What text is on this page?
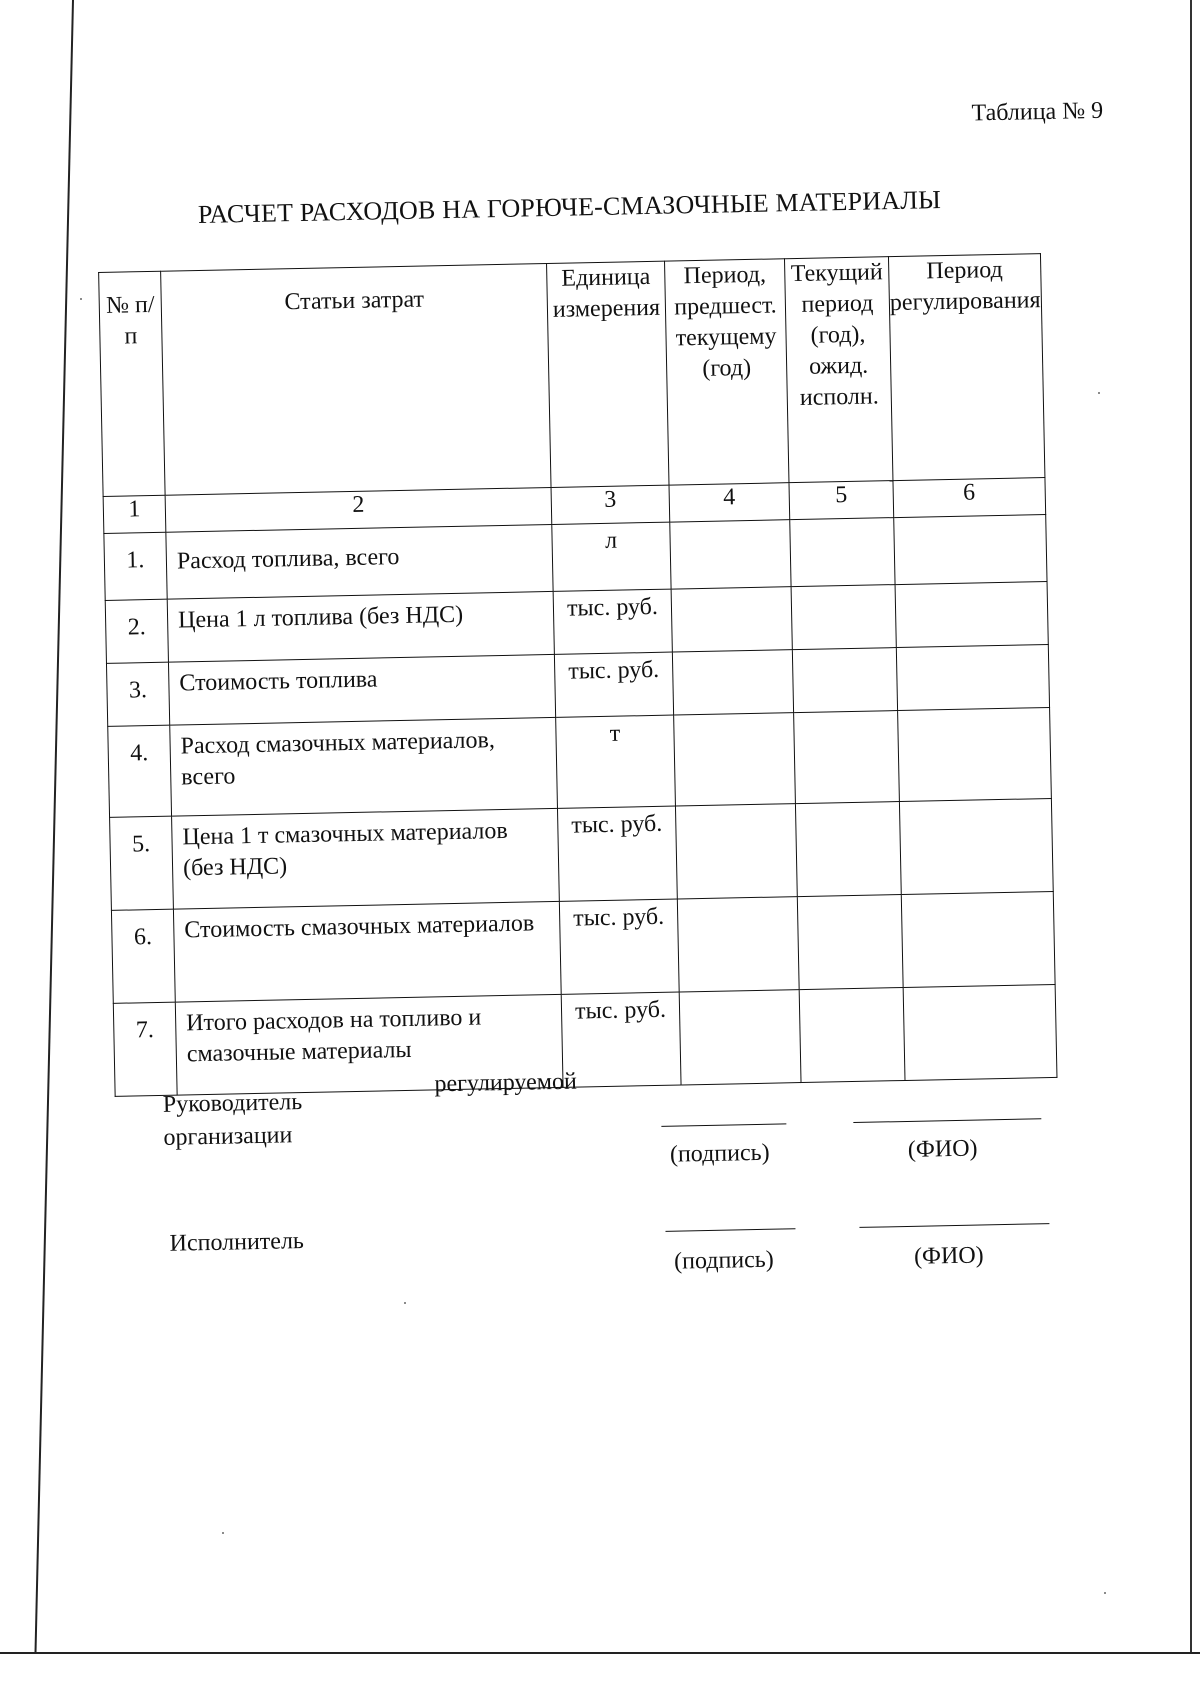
Таблица № 9
РАСЧЕТ РАСХОДОВ НА ГОРЮЧЕ-СМАЗОЧНЫЕ МАТЕРИАЛЫ
№ п/п	Статьи затрат	Единица измерения	Период, предшест. текущему (год)	Текущий период (год), ожид. исполн.	Период регулирования
1	2	3	4	5	6
1.	Расход топлива, всего	л			
2.	Цена 1 л топлива (без НДС)	тыс. руб.			
3.	Стоимость топлива	тыс. руб.			
4.	Расход смазочных материалов, всего	т			
5.	Цена 1 т смазочных материалов (без НДС)	тыс. руб.			
6.	Стоимость смазочных материалов	тыс. руб.			
7.	Итого расходов на топливо и смазочные материалы	тыс. руб.			
Руководитель
регулируемой
организации
(подпись)	(ФИО)
Исполнитель
(подпись)	(ФИО)
